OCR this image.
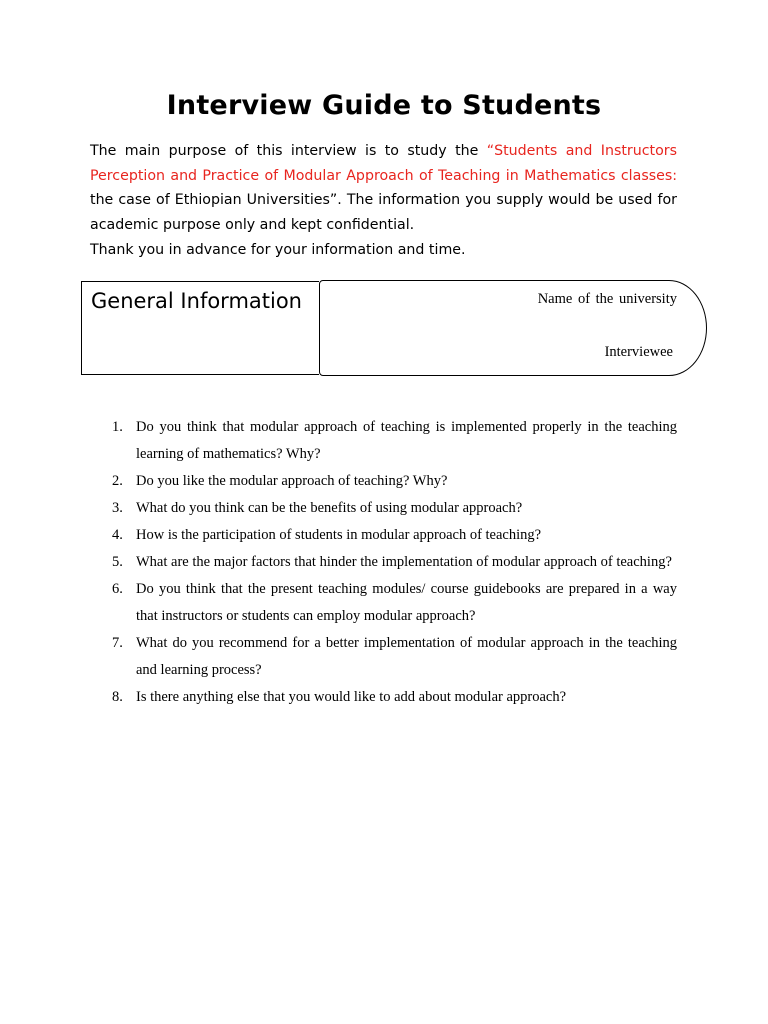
Interview Guide to Students

The main purpose of this interview is to study the “Students and Instructors Perception and Practice of Modular Approach of Teaching in Mathematics classes: the case of Ethiopian Universities”. The information you supply would be used for academic purpose only and kept confidential.

Thank you in advance for your information and time.

General Information	Name of the university
Interviewee
1. Do you think that modular approach of teaching is implemented properly in the teaching learning of mathematics? Why?
2. Do you like the modular approach of teaching? Why?
3. What do you think can be the benefits of using modular approach?
4. How is the participation of students in modular approach of teaching?
5. What are the major factors that hinder the implementation of modular approach of teaching?
6. Do you think that the present teaching modules/ course guidebooks are prepared in a way that instructors or students can employ modular approach?
7. What do you recommend for a better implementation of modular approach in the teaching and learning process?
8. Is there anything else that you would like to add about modular approach?
